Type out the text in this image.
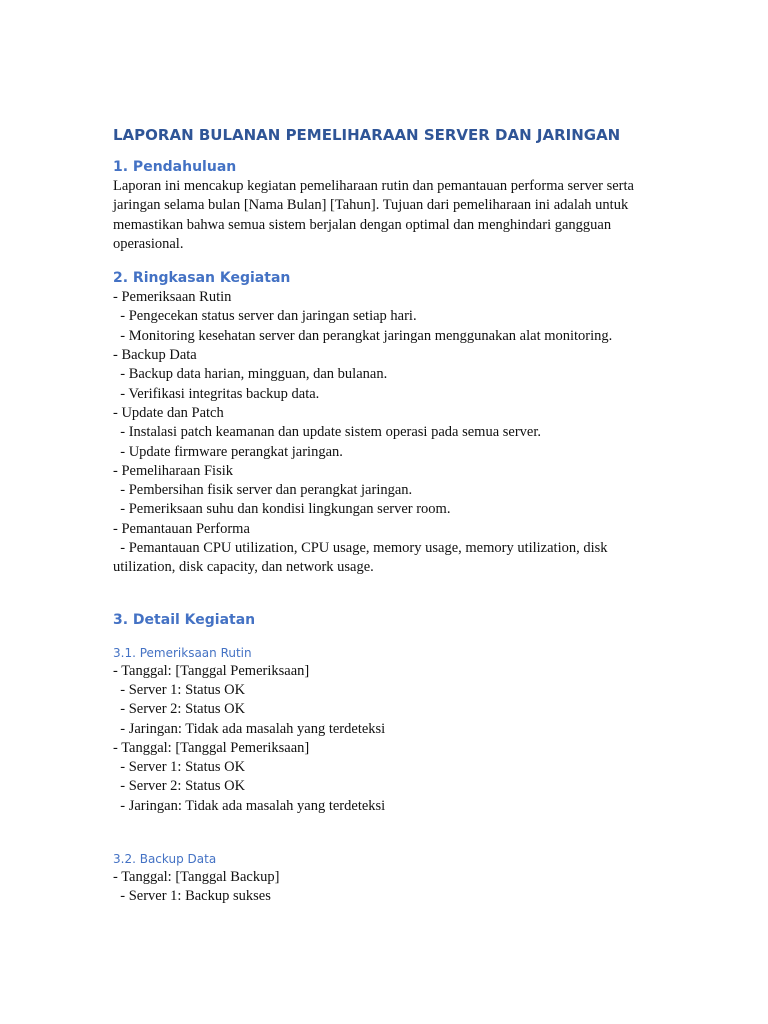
LAPORAN BULANAN PEMELIHARAAN SERVER DAN JARINGAN
1. Pendahuluan

Laporan ini mencakup kegiatan pemeliharaan rutin dan pemantauan performa server serta jaringan selama bulan [Nama Bulan] [Tahun]. Tujuan dari pemeliharaan ini adalah untuk memastikan bahwa semua sistem berjalan dengan optimal dan menghindari gangguan operasional.

2. Ringkasan Kegiatan
- Pemeriksaan Rutin
- Pengecekan status server dan jaringan setiap hari.
- Monitoring kesehatan server dan perangkat jaringan menggunakan alat monitoring.
- Backup Data
- Backup data harian, mingguan, dan bulanan.
- Verifikasi integritas backup data.
- Update dan Patch
- Instalasi patch keamanan dan update sistem operasi pada semua server.
- Update firmware perangkat jaringan.
- Pemeliharaan Fisik
- Pembersihan fisik server dan perangkat jaringan.
- Pemeriksaan suhu dan kondisi lingkungan server room.
- Pemantauan Performa
- Pemantauan CPU utilization, CPU usage, memory usage, memory utilization, disk utilization, disk capacity, dan network usage.
3. Detail Kegiatan
3.1. Pemeriksaan Rutin
- Tanggal: [Tanggal Pemeriksaan]
- Server 1: Status OK
- Server 2: Status OK
- Jaringan: Tidak ada masalah yang terdeteksi
- Tanggal: [Tanggal Pemeriksaan]
- Server 1: Status OK
- Server 2: Status OK
- Jaringan: Tidak ada masalah yang terdeteksi
3.2. Backup Data
- Tanggal: [Tanggal Backup]
- Server 1: Backup sukses
